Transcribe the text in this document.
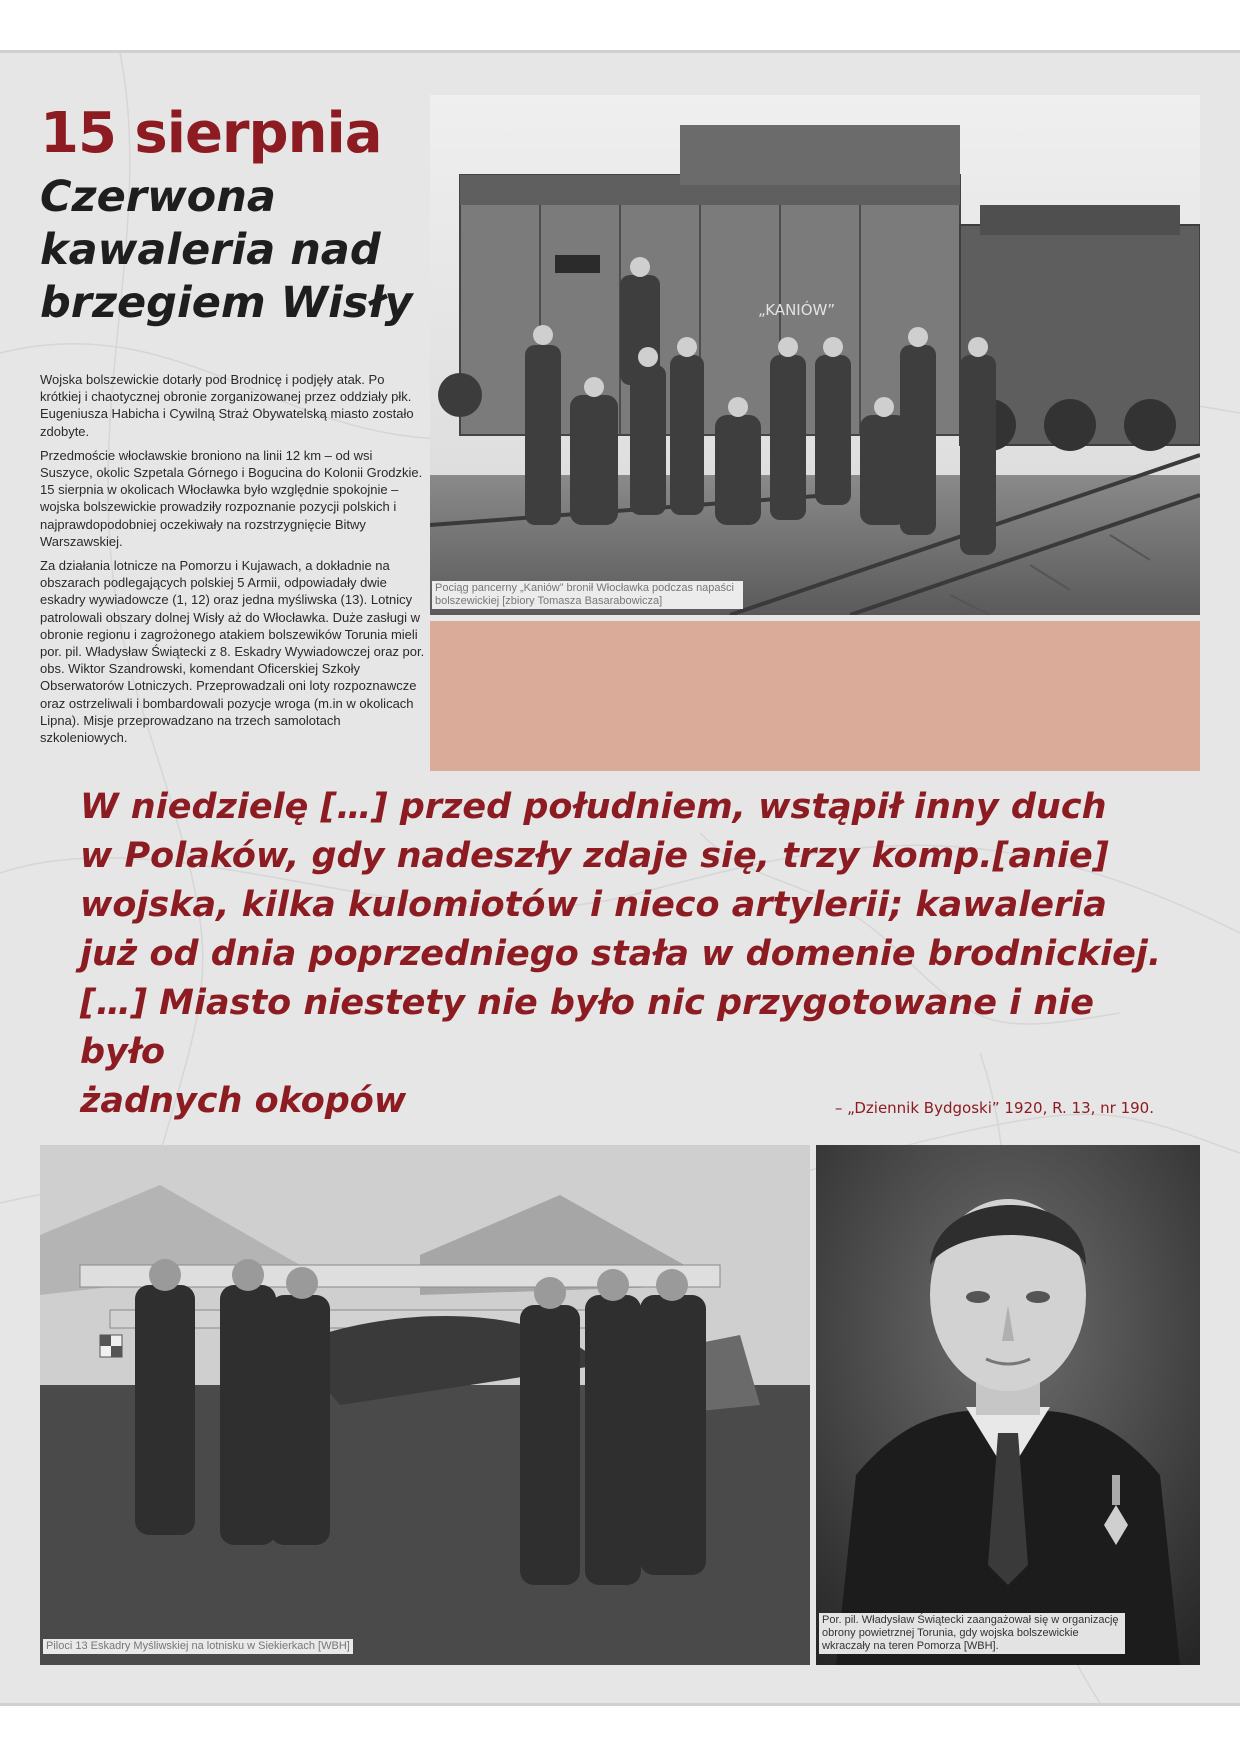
15 sierpnia
Czerwona kawaleria nad brzegiem Wisły

Wojska bolszewickie dotarły pod Brodnicę i podjęły atak. Po krótkiej i chaotycznej obronie zorganizowanej przez oddziały płk. Eugeniusza Habicha i Cywilną Straż Obywatelską miasto zostało zdobyte.

Przedmoście włocławskie broniono na linii 12 km – od wsi Suszyce, okolic Szpetala Górnego i Bogucina do Kolonii Grodzkie. 15 sierpnia w okolicach Włocławka było względnie spokojnie – wojska bolszewickie prowadziły rozpoznanie pozycji polskich i najprawdopodobniej oczekiwały na rozstrzygnięcie Bitwy Warszawskiej.

Za działania lotnicze na Pomorzu i Kujawach, a dokładnie na obszarach podlegających polskiej 5 Armii, odpowiadały dwie eskadry wywiadowcze (1, 12) oraz jedna myśliwska (13). Lotnicy patrolowali obszary dolnej Wisły aż do Włocławka. Duże zasługi w obronie regionu i zagrożonego atakiem bolszewików Torunia mieli por. pil. Władysław Świątecki z 8. Eskadry Wywiadowczej oraz por. obs. Wiktor Szandrowski, komendant Oficerskiej Szkoły Obserwatorów Lotniczych. Przeprowadzali oni loty rozpoznawcze oraz ostrzeliwali i bombardowali pozycje wroga (m.in w okolicach Lipna). Misje przeprowadzano na trzech samolotach szkoleniowych.

„KANIÓW”
Pociąg pancerny „Kaniów” bronił Włocławka podczas napaści bolszewickiej [zbiory Tomasza Basarabowicza]

W niedzielę […] przed południem, wstąpił inny duch
w Polaków, gdy nadeszły zdaje się, trzy komp.[anie]
wojska, kilka kulomiotów i nieco artylerii; kawaleria
już od dnia poprzedniego stała w domenie brodnickiej.
[…] Miasto niestety nie było nic przygotowane i nie było
żadnych okopów	– „Dziennik Bydgoski” 1920, R. 13, nr 190.
Piloci 13 Eskadry Myśliwskiej na lotnisku w Siekierkach [WBH]
Por. pil. Władysław Świątecki zaangażował się w organizację obrony powietrznej Torunia, gdy wojska bolszewickie wkraczały na teren Pomorza [WBH].
